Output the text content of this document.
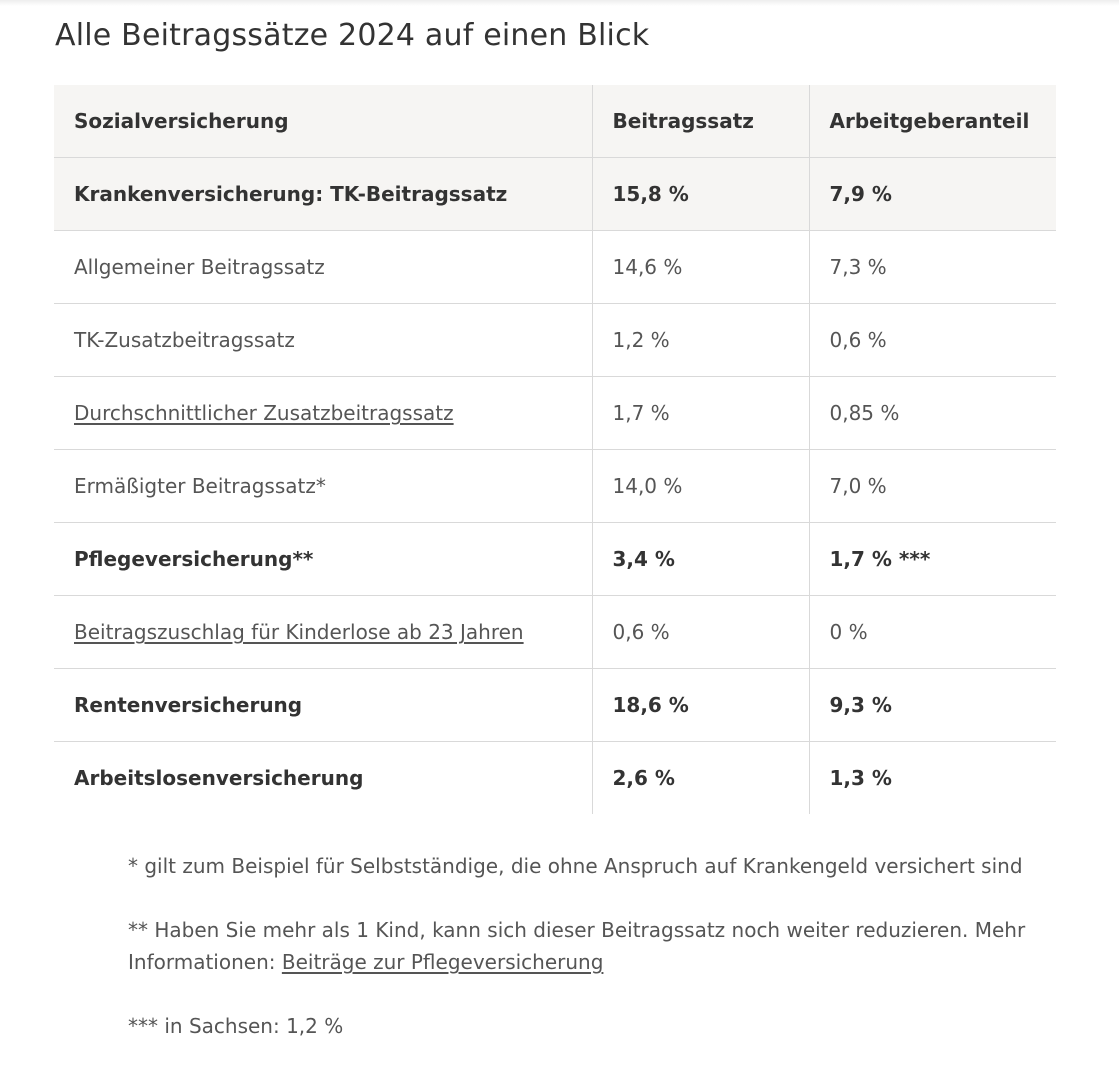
Alle Beitragssätze 2024 auf einen Blick
Sozialversicherung	Beitragssatz	Arbeitgeberanteil
Krankenversicherung: TK-Beitragssatz	15,8 %	7,9 %
Allgemeiner Beitragssatz	14,6 %	7,3 %
TK-Zusatzbeitragssatz	1,2 %	0,6 %
Durchschnittlicher Zusatzbeitragssatz	1,7 %	0,85 %
Ermäßigter Beitragssatz*	14,0 %	7,0 %
Pflegeversicherung**	3,4 %	1,7 % ***
Beitragszuschlag für Kinderlose ab 23 Jahren	0,6 %	0 %
Rentenversicherung	18,6 %	9,3 %
Arbeitslosenversicherung	2,6 %	1,3 %

* gilt zum Beispiel für Selbstständige, die ohne Anspruch auf Krankengeld versichert sind

** Haben Sie mehr als 1 Kind, kann sich dieser Beitragssatz noch weiter reduzieren. Mehr Informationen: Beiträge zur Pflegeversicherung

*** in Sachsen: 1,2 %
